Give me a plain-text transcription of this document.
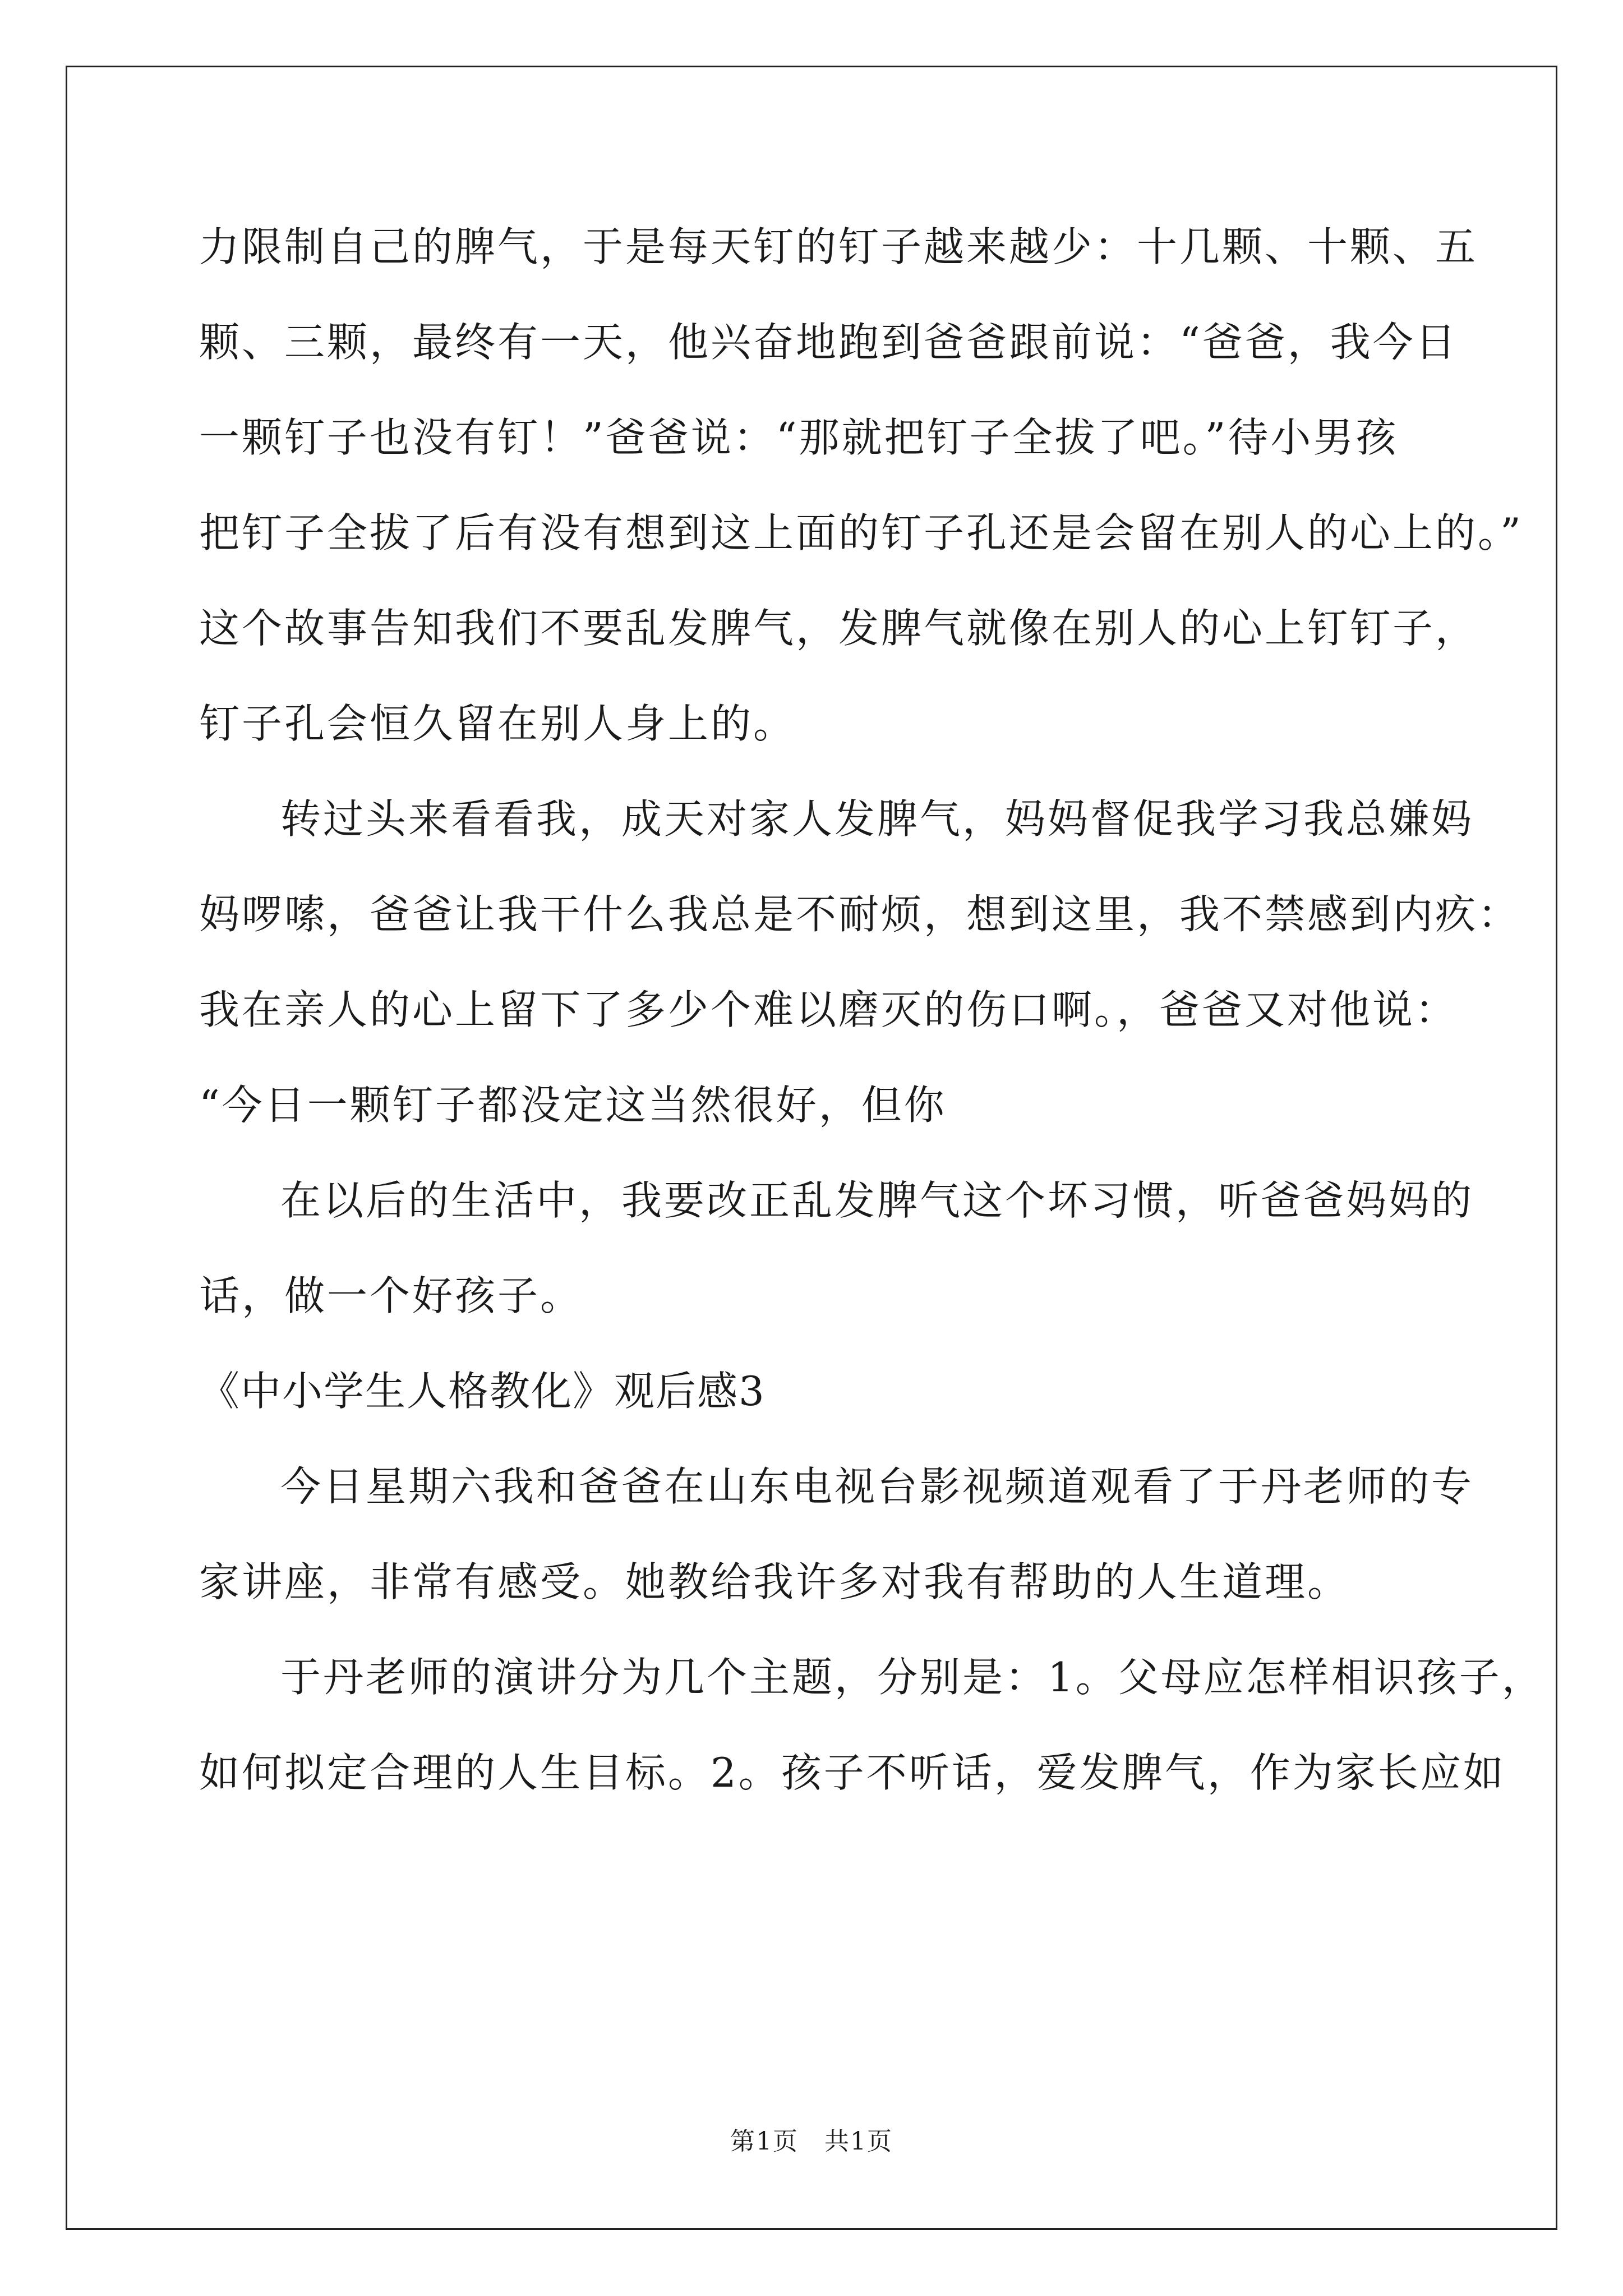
力限制自己的脾气，于是每天钉的钉子越来越少：十几颗、十颗、五
颗、三颗，最终有一天，他兴奋地跑到爸爸跟前说：“爸爸，我今日
一颗钉子也没有钉！”爸爸说：“那就把钉子全拔了吧。”待小男孩
把钉子全拔了后有没有想到这上面的钉子孔还是会留在别人的心上的。”
这个故事告知我们不要乱发脾气，发脾气就像在别人的心上钉钉子，
钉子孔会恒久留在别人身上的。
转过头来看看我，成天对家人发脾气，妈妈督促我学习我总嫌妈
妈啰嗦，爸爸让我干什么我总是不耐烦，想到这里，我不禁感到内疚：
我在亲人的心上留下了多少个难以磨灭的伤口啊。，爸爸又对他说：
“今日一颗钉子都没定这当然很好，但你
在以后的生活中，我要改正乱发脾气这个坏习惯，听爸爸妈妈的
话，做一个好孩子。
《中小学生人格教化》观后感3
今日星期六我和爸爸在山东电视台影视频道观看了于丹老师的专
家讲座，非常有感受。她教给我许多对我有帮助的人生道理。
于丹老师的演讲分为几个主题，分别是：1。父母应怎样相识孩子，
如何拟定合理的人生目标。2。孩子不听话，爱发脾气，作为家长应如
第1页　共1页
